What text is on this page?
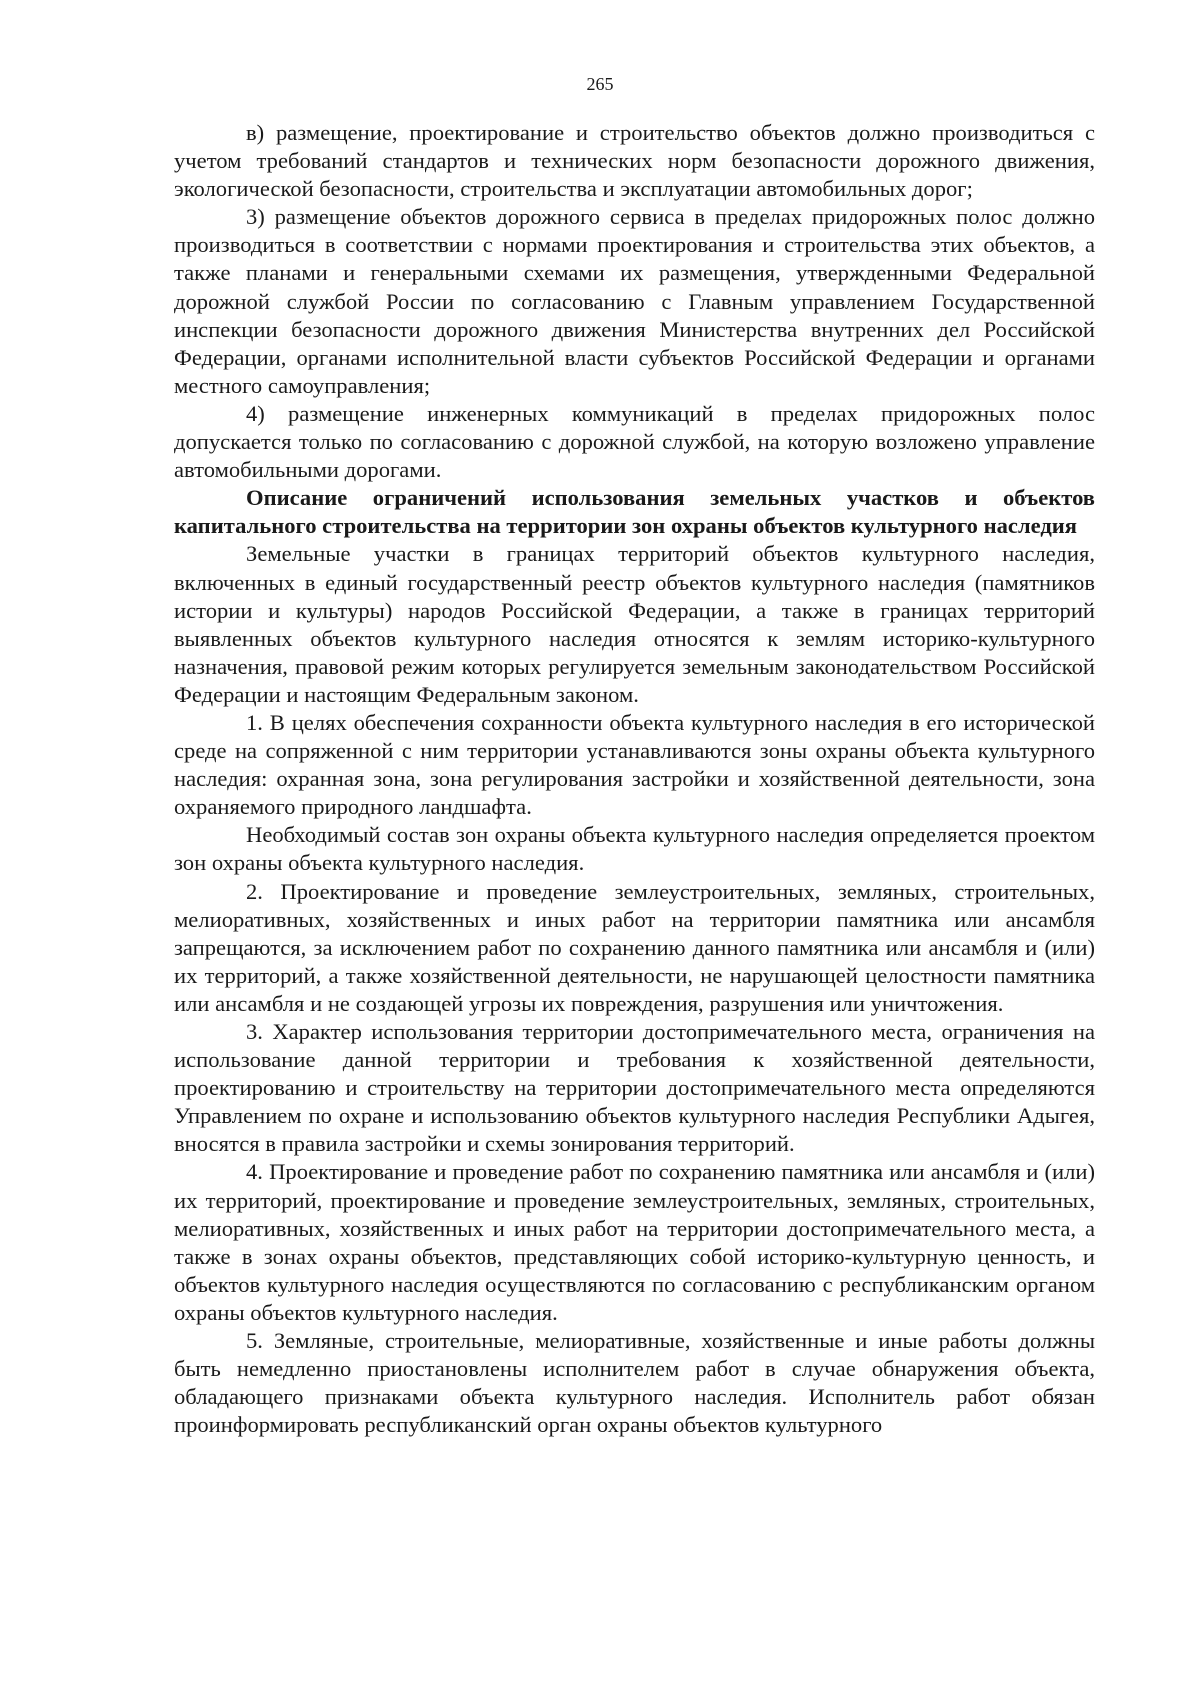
265

в) размещение, проектирование и строительство объектов должно производиться с учетом требований стандартов и технических норм безопасности дорожного движения, экологической безопасности, строительства и эксплуатации автомобильных дорог;

3) размещение объектов дорожного сервиса в пределах придорожных полос должно производиться в соответствии с нормами проектирования и строительства этих объектов, а также планами и генеральными схемами их размещения, утвержденными Федеральной дорожной службой России по согласованию с Главным управлением Государственной инспекции безопасности дорожного движения Министерства внутренних дел Российской Федерации, органами исполнительной власти субъектов Российской Федерации и органами местного самоуправления;

4) размещение инженерных коммуникаций в пределах придорожных полос допускается только по согласованию с дорожной службой, на которую возложено управление автомобильными дорогами.

Описание ограничений использования земельных участков и объектов капитального строительства на территории зон охраны объектов культурного наследия

Земельные участки в границах территорий объектов культурного наследия, включенных в единый государственный реестр объектов культурного наследия (памятников истории и культуры) народов Российской Федерации, а также в границах территорий выявленных объектов культурного наследия относятся к землям историко-культурного назначения, правовой режим которых регулируется земельным законодательством Российской Федерации и настоящим Федеральным законом.

1. В целях обеспечения сохранности объекта культурного наследия в его исторической среде на сопряженной с ним территории устанавливаются зоны охраны объекта культурного наследия: охранная зона, зона регулирования застройки и хозяйственной деятельности, зона охраняемого природного ландшафта.

Необходимый состав зон охраны объекта культурного наследия определяется проектом зон охраны объекта культурного наследия.

2. Проектирование и проведение землеустроительных, земляных, строительных, мелиоративных, хозяйственных и иных работ на территории памятника или ансамбля запрещаются, за исключением работ по сохранению данного памятника или ансамбля и (или) их территорий, а также хозяйственной деятельности, не нарушающей целостности памятника или ансамбля и не создающей угрозы их повреждения, разрушения или уничтожения.

3. Характер использования территории достопримечательного места, ограничения на использование данной территории и требования к хозяйственной деятельности, проектированию и строительству на территории достопримечательного места определяются Управлением по охране и использованию объектов культурного наследия Республики Адыгея, вносятся в правила застройки и схемы зонирования территорий.

4. Проектирование и проведение работ по сохранению памятника или ансамбля и (или) их территорий, проектирование и проведение землеустроительных, земляных, строительных, мелиоративных, хозяйственных и иных работ на территории достопримечательного места, а также в зонах охраны объектов, представляющих собой историко-культурную ценность, и объектов культурного наследия осуществляются по согласованию с республиканским органом охраны объектов культурного наследия.

5. Земляные, строительные, мелиоративные, хозяйственные и иные работы должны быть немедленно приостановлены исполнителем работ в случае обнаружения объекта, обладающего признаками объекта культурного наследия. Исполнитель работ обязан проинформировать республиканский орган охраны объектов культурного
